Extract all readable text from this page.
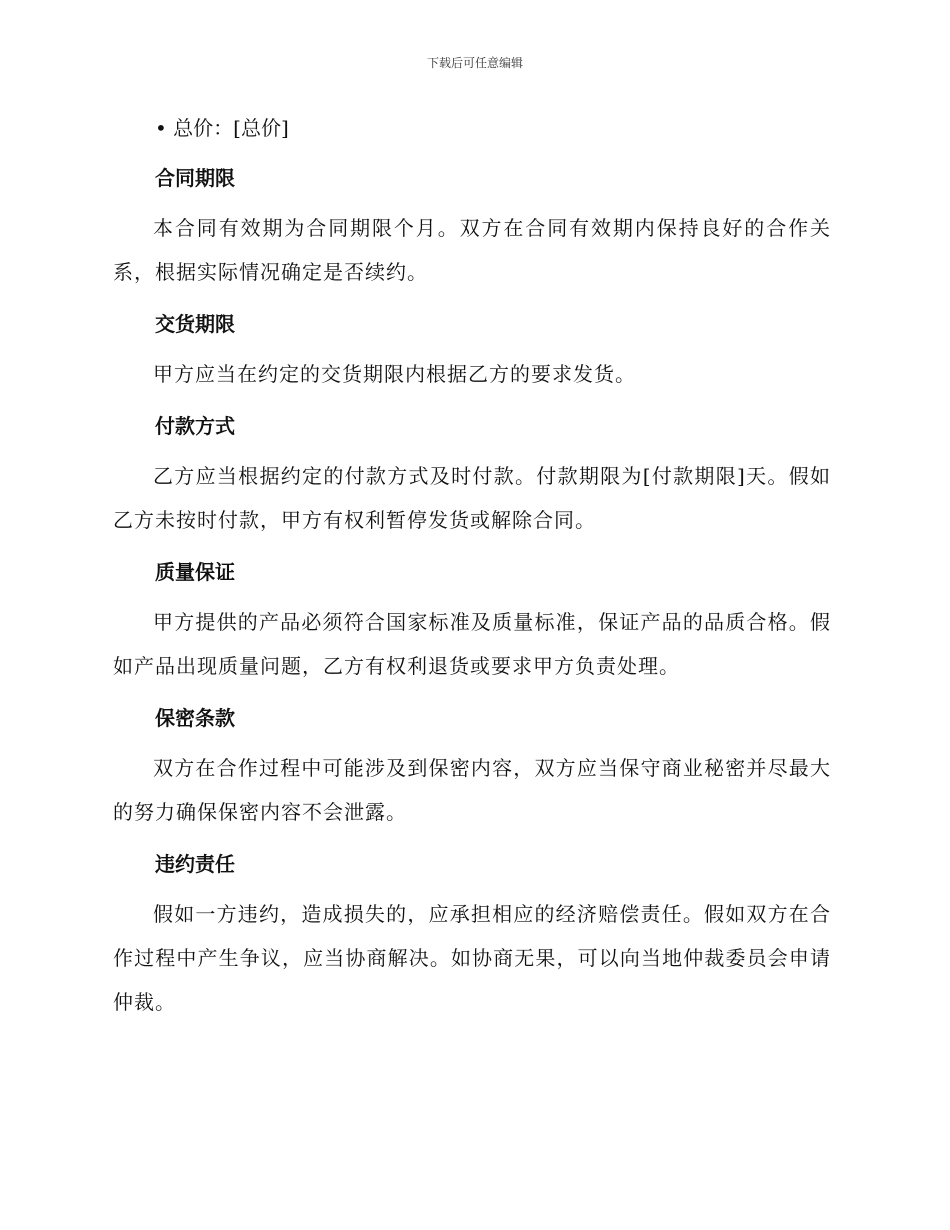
下载后可任意编辑
• 总价：[总价]
合同期限

本合同有效期为合同期限个月。双方在合同有效期内保持良好的合作关系，根据实际情况确定是否续约。

交货期限

甲方应当在约定的交货期限内根据乙方的要求发货。

付款方式

乙方应当根据约定的付款方式及时付款。付款期限为[付款期限]天。假如乙方未按时付款，甲方有权利暂停发货或解除合同。

质量保证

甲方提供的产品必须符合国家标准及质量标准，保证产品的品质合格。假如产品出现质量问题，乙方有权利退货或要求甲方负责处理。

保密条款

双方在合作过程中可能涉及到保密内容，双方应当保守商业秘密并尽最大的努力确保保密内容不会泄露。

违约责任

假如一方违约，造成损失的，应承担相应的经济赔偿责任。假如双方在合作过程中产生争议，应当协商解决。如协商无果，可以向当地仲裁委员会申请仲裁。
